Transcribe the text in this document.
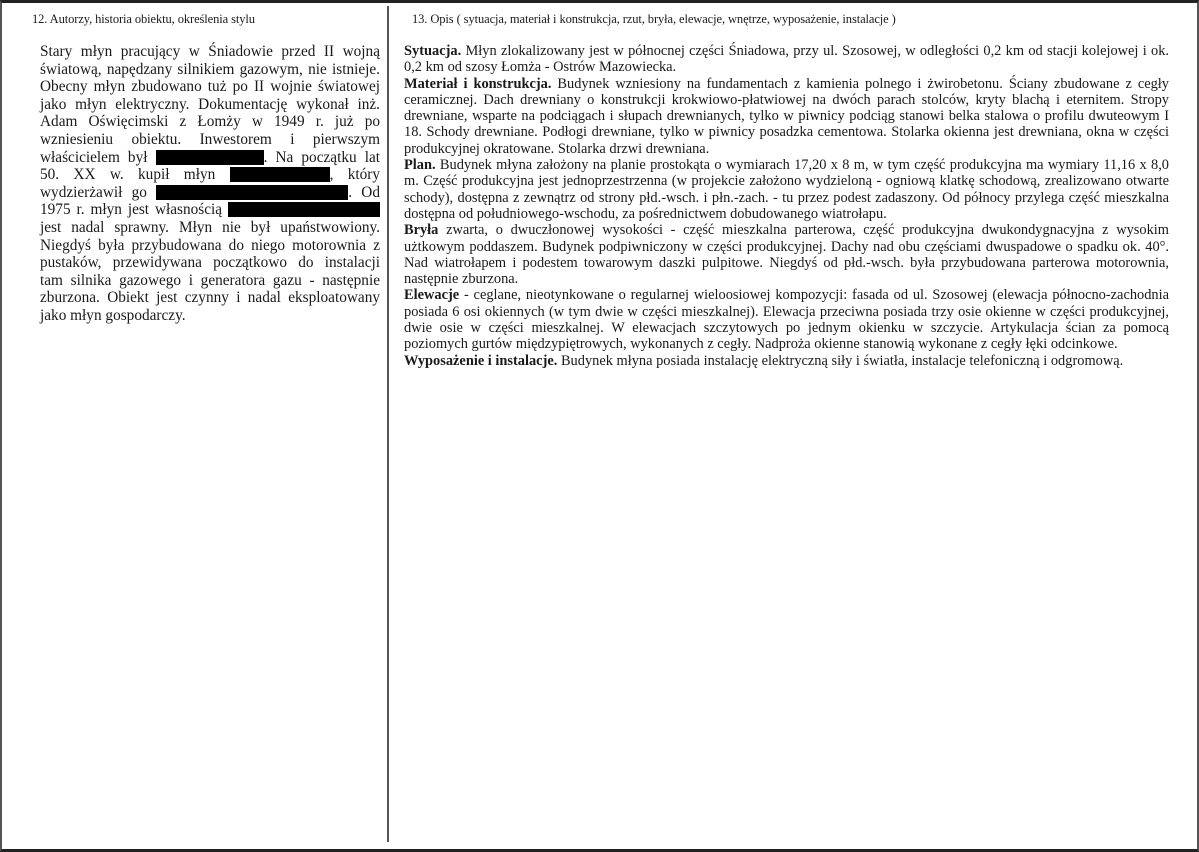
12. Autorzy, historia obiektu, określenia stylu
Stary młyn pracujący w Śniadowie przed II wojną
światową, napędzany silnikiem gazowym, nie istnieje.
Obecny młyn zbudowano tuż po II wojnie światowej
jako młyn elektryczny. Dokumentację wykonał inż.
Adam Oświęcimski z Łomży w 1949 r. już po
wzniesieniu obiektu. Inwestorem i pierwszym
właścicielem był	. Na początku lat
50. XX w. kupił młyn	, który
wydzierżawił go	. Od
1975 r. młyn jest własnością
jest nadal sprawny. Młyn nie był upaństwowiony.
Niegdyś była przybudowana do niego motorownia z
pustaków, przewidywana początkowo do instalacji
tam silnika gazowego i generatora gazu - następnie
zburzona. Obiekt jest czynny i nadal eksploatowany
jako młyn gospodarczy.
13. Opis ( sytuacja, materiał i konstrukcja, rzut, bryła, elewacje, wnętrze, wyposażenie, instalacje )

Sytuacja. Młyn zlokalizowany jest w północnej części Śniadowa, przy ul. Szosowej, w odległości 0,2 km od stacji kolejowej i ok. 0,2 km od szosy Łomża - Ostrów Mazowiecka.

Materiał i konstrukcja. Budynek wzniesiony na fundamentach z kamienia polnego i żwirobetonu. Ściany zbudowane z cegły ceramicznej. Dach drewniany o konstrukcji krokwiowo-płatwiowej na dwóch parach stolców, kryty blachą i eternitem. Stropy drewniane, wsparte na podciągach i słupach drewnianych, tylko w piwnicy podciąg stanowi belka stalowa o profilu dwuteowym I 18. Schody drewniane. Podłogi drewniane, tylko w piwnicy posadzka cementowa. Stolarka okienna jest drewniana, okna w części produkcyjnej okratowane. Stolarka drzwi drewniana.

Plan. Budynek młyna założony na planie prostokąta o wymiarach 17,20 x 8 m, w tym część produkcyjna ma wymiary 11,16 x 8,0 m. Część produkcyjna jest jednoprzestrzenna (w projekcie założono wydzieloną - ogniową klatkę schodową, zrealizowano otwarte schody), dostępna z zewnątrz od strony płd.-wsch. i płn.-zach. - tu przez podest zadaszony. Od północy przylega część mieszkalna dostępna od południowego-wschodu, za pośrednictwem dobudowanego wiatrołapu.

Bryła zwarta, o dwuczłonowej wysokości - część mieszkalna parterowa, część produkcyjna dwukondygnacyjna z wysokim użtkowym poddaszem. Budynek podpiwniczony w części produkcyjnej. Dachy nad obu częściami dwuspadowe o spadku ok. 40°. Nad wiatrołapem i podestem towarowym daszki pulpitowe. Niegdyś od płd.-wsch. była przybudowana parterowa motorownia, następnie zburzona.

Elewacje - ceglane, nieotynkowane o regularnej wieloosiowej kompozycji: fasada od ul. Szosowej (elewacja północno-zachodnia posiada 6 osi okiennych (w tym dwie w części mieszkalnej). Elewacja przeciwna posiada trzy osie okienne w części produkcyjnej, dwie osie w części mieszkalnej. W elewacjach szczytowych po jednym okienku w szczycie. Artykulacja ścian za pomocą poziomych gurtów międzypiętrowych, wykonanych z cegły. Nadproża okienne stanowią wykonane z cegły łęki odcinkowe.

Wyposażenie i instalacje. Budynek młyna posiada instalację elektryczną siły i światła, instalacje telefoniczną i odgromową.
